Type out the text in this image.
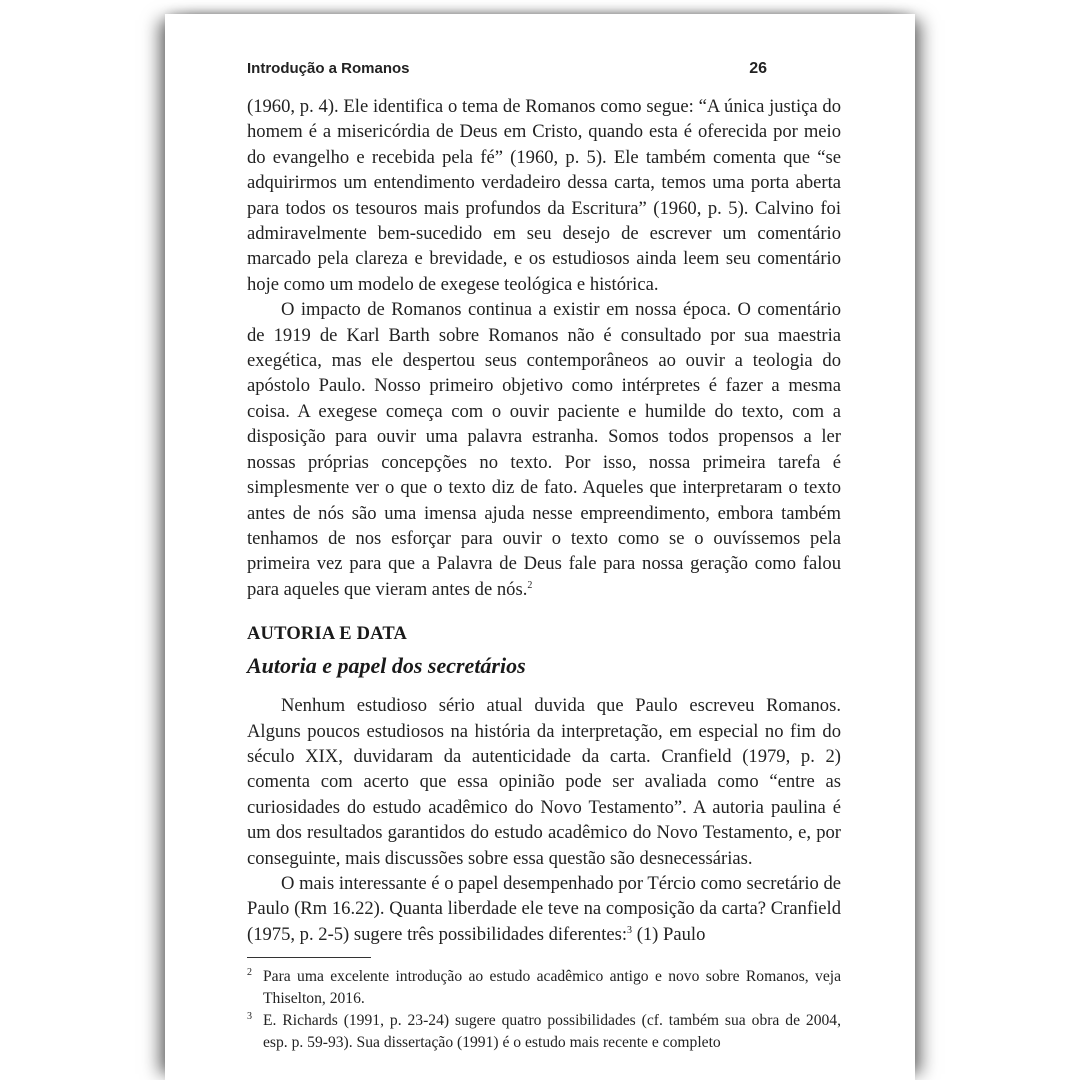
Introdução a Romanos	26

(1960, p. 4). Ele identifica o tema de Romanos como segue: “A única justiça do homem é a misericórdia de Deus em Cristo, quando esta é oferecida por meio do evangelho e recebida pela fé” (1960, p. 5). Ele também comenta que “se adquirirmos um entendimento verdadeiro dessa carta, temos uma porta aberta para todos os tesouros mais profundos da Escritura” (1960, p. 5). Calvino foi admiravelmente bem-sucedido em seu desejo de escrever um comentário marcado pela clareza e brevidade, e os estudiosos ainda leem seu comentário hoje como um modelo de exegese teológica e histórica.

O impacto de Romanos continua a existir em nossa época. O comentário de 1919 de Karl Barth sobre Romanos não é consultado por sua maestria exegética, mas ele despertou seus contemporâneos ao ouvir a teologia do apóstolo Paulo. Nosso primeiro objetivo como intérpretes é fazer a mesma coisa. A exegese começa com o ouvir paciente e humilde do texto, com a disposição para ouvir uma palavra estranha. Somos todos propensos a ler nossas próprias concepções no texto. Por isso, nossa primeira tarefa é simplesmente ver o que o texto diz de fato. Aqueles que interpretaram o texto antes de nós são uma imensa ajuda nesse empreendimento, embora também tenhamos de nos esforçar para ouvir o texto como se o ouvíssemos pela primeira vez para que a Palavra de Deus fale para nossa geração como falou para aqueles que vieram antes de nós.$^2$

AUTORIA E DATA
Autoria e papel dos secretários

Nenhum estudioso sério atual duvida que Paulo escreveu Romanos. Alguns poucos estudiosos na história da interpretação, em especial no fim do século XIX, duvidaram da autenticidade da carta. Cranfield (1979, p. 2) comenta com acerto que essa opinião pode ser avaliada como “entre as curiosidades do estudo acadêmico do Novo Testamento”. A autoria paulina é um dos resultados garantidos do estudo acadêmico do Novo Testamento, e, por conseguinte, mais discussões sobre essa questão são desnecessárias.

O mais interessante é o papel desempenhado por Tércio como secretário de Paulo (Rm 16.22). Quanta liberdade ele teve na composição da carta? Cranfield (1975, p. 2-5) sugere três possibilidades diferentes:$^3$ (1) Paulo

2 Para uma excelente introdução ao estudo acadêmico antigo e novo sobre Romanos, veja Thiselton, 2016.

3 E. Richards (1991, p. 23-24) sugere quatro possibilidades (cf. também sua obra de 2004, esp. p. 59-93). Sua dissertação (1991) é o estudo mais recente e completo
